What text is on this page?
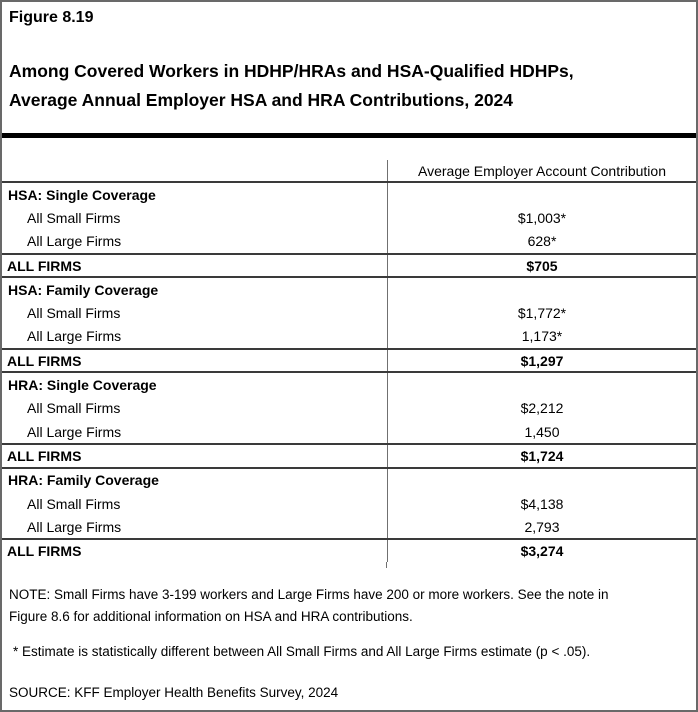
Figure 8.19
Among Covered Workers in HDHP/HRAs and HSA-Qualified HDHPs,
Average Annual Employer HSA and HRA Contributions, 2024
Average Employer Account Contribution
HSA: Single Coverage
All Small Firms	$1,003*
All Large Firms	628*
ALL FIRMS	$705
HSA: Family Coverage
All Small Firms	$1,772*
All Large Firms	1,173*
ALL FIRMS	$1,297
HRA: Single Coverage
All Small Firms	$2,212
All Large Firms	1,450
ALL FIRMS	$1,724
HRA: Family Coverage
All Small Firms	$4,138
All Large Firms	2,793
ALL FIRMS	$3,274
NOTE: Small Firms have 3-199 workers and Large Firms have 200 or more workers. See the note in
Figure 8.6 for additional information on HSA and HRA contributions.
* Estimate is statistically different between All Small Firms and All Large Firms estimate (p < .05).
SOURCE: KFF Employer Health Benefits Survey, 2024
